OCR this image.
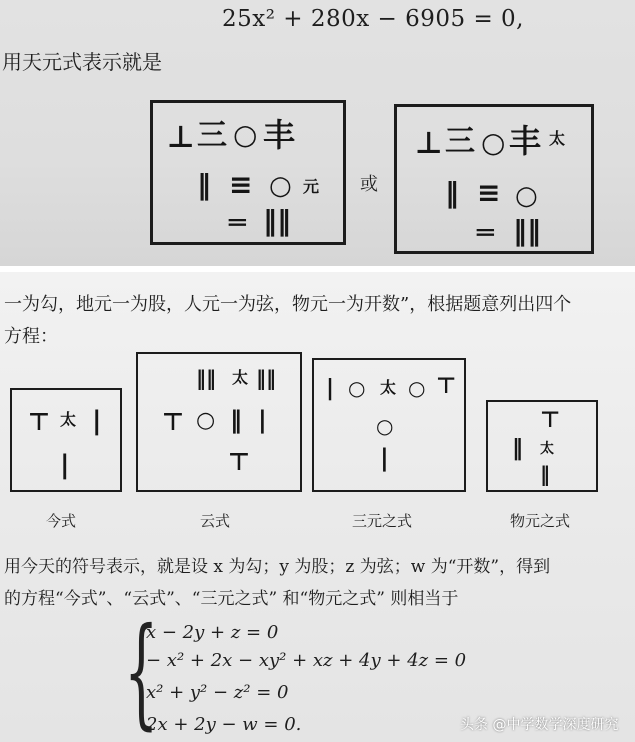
25x² + 280x − 6905 = 0,
用天元式表示就是
⊥ 三 ○ 丰
‖ ≡ ○ 元
═ ‖‖
或
⊥ 三 ○ 丰 太
‖ ≡ ○
═ ‖‖
一为勾，地元一为股，人元一为弦，物元一为开数”，根据题意列出四个
方程：
⊤ 太 |
|
今式
‖‖ 太 ‖‖
⊤ ○ ‖ |
⊤
云式
| ○ 太 ○ ⊤
○
|
三元之式
⊤
‖ 太
‖
物元之式
用今天的符号表示，就是设 x 为勾；y 为股；z 为弦；w 为“开数”，得到
的方程“今式”、“云式”、“三元之式” 和“物元之式” 则相当于
{
x − 2y + z = 0
− x² + 2x − xy² + xz + 4y + 4z = 0
x² + y² − z² = 0
2x + 2y − w = 0.	头条 @中学数学深度研究
